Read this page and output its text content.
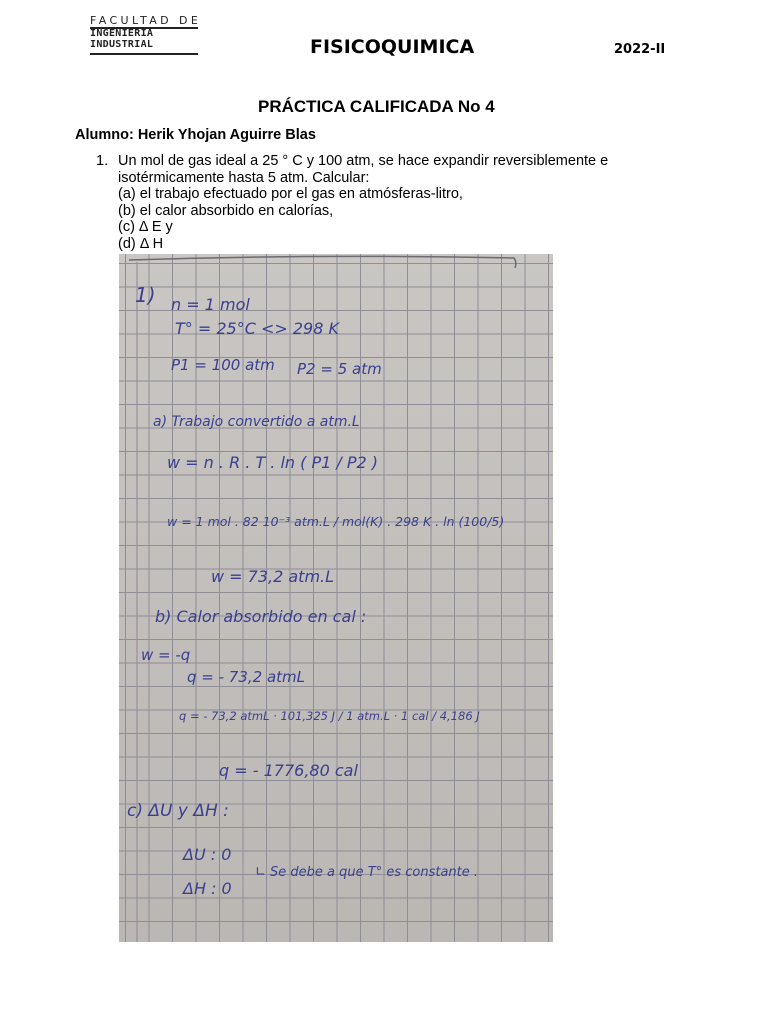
FACULTAD DE
INGENIERIA
INDUSTRIAL	FISICOQUIMICA	2022-II
PRÁCTICA CALIFICADA No 4
Alumno: Herik Yhojan Aguirre Blas
1. Un mol de gas ideal a 25 ° C y 100 atm, se hace expandir reversiblemente e
isotérmicamente hasta 5 atm. Calcular:
(a) el trabajo efectuado por el gas en atmósferas-litro,
(b) el calor absorbido en calorías,
(c) Δ E y
(d) Δ H
1) n = 1 mol
T° = 25°C <> 298 K
P1 = 100 atm P2 = 5 atm
a) Trabajo convertido a atm.L
w = n . R . T . ln ( P1 / P2 )
w = 1 mol . 82 10⁻³ atm.L / mol(K) . 298 K . ln (100/5)
w = 73,2 atm.L
b) Calor absorbido en cal :
w = -q
q = - 73,2 atmL
q = - 73,2 atmL · 101,325 J / 1 atm.L · 1 cal / 4,186 J
q = - 1776,80 cal
c) ΔU y ΔH :
ΔU : 0
∟ Se debe a que T° es constante .
ΔH : 0
